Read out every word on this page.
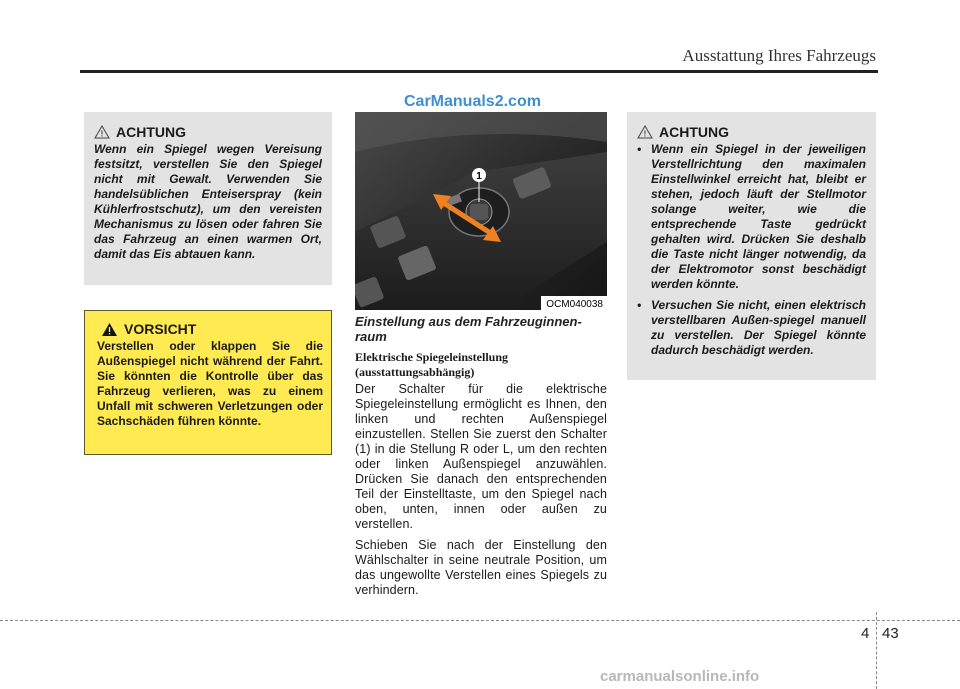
Ausstattung Ihres Fahrzeugs
CarManuals2.com
! ACHTUNG
Wenn ein Spiegel wegen Vereisung festsitzt, verstellen Sie den Spiegel nicht mit Gewalt. Verwenden Sie handelsüblichen Enteiserspray (kein Kühlerfrostschutz), um den vereisten Mechanismus zu lösen oder fahren Sie das Fahrzeug an einen warmen Ort, damit das Eis abtauen kann.
VORSICHT
Verstellen oder klappen Sie die Außenspiegel nicht während der Fahrt. Sie könnten die Kontrolle über das Fahrzeug verlieren, was zu einem Unfall mit schweren Verletzungen oder Sachschäden führen könnte.
1
OCM040038
Einstellung aus dem Fahrzeuginnen-
raum
Elektrische Spiegeleinstellung
(ausstattungsabhängig)

Der Schalter für die elektrische Spiegeleinstellung ermöglicht es Ihnen, den linken und rechten Außenspiegel einzustellen. Stellen Sie zuerst den Schalter (1) in die Stellung R oder L, um den rechten oder linken Außenspiegel anzuwählen. Drücken Sie danach den entsprechenden Teil der Einstelltaste, um den Spiegel nach oben, unten, innen oder außen zu verstellen.

Schieben Sie nach der Einstellung den Wählschalter in seine neutrale Position, um das ungewollte Verstellen eines Spiegels zu verhindern.

! ACHTUNG
• Wenn ein Spiegel in der jeweiligen Verstellrichtung den maximalen Einstellwinkel erreicht hat, bleibt er stehen, jedoch läuft der Stellmotor solange weiter, wie die entsprechende Taste gedrückt gehalten wird. Drücken Sie deshalb die Taste nicht länger notwendig, da der Elektromotor sonst beschädigt werden könnte.
• Versuchen Sie nicht, einen elektrisch verstellbaren Außen-spiegel manuell zu verstellen. Der Spiegel könnte dadurch beschädigt werden.
4 43
carmanualsonline.info
